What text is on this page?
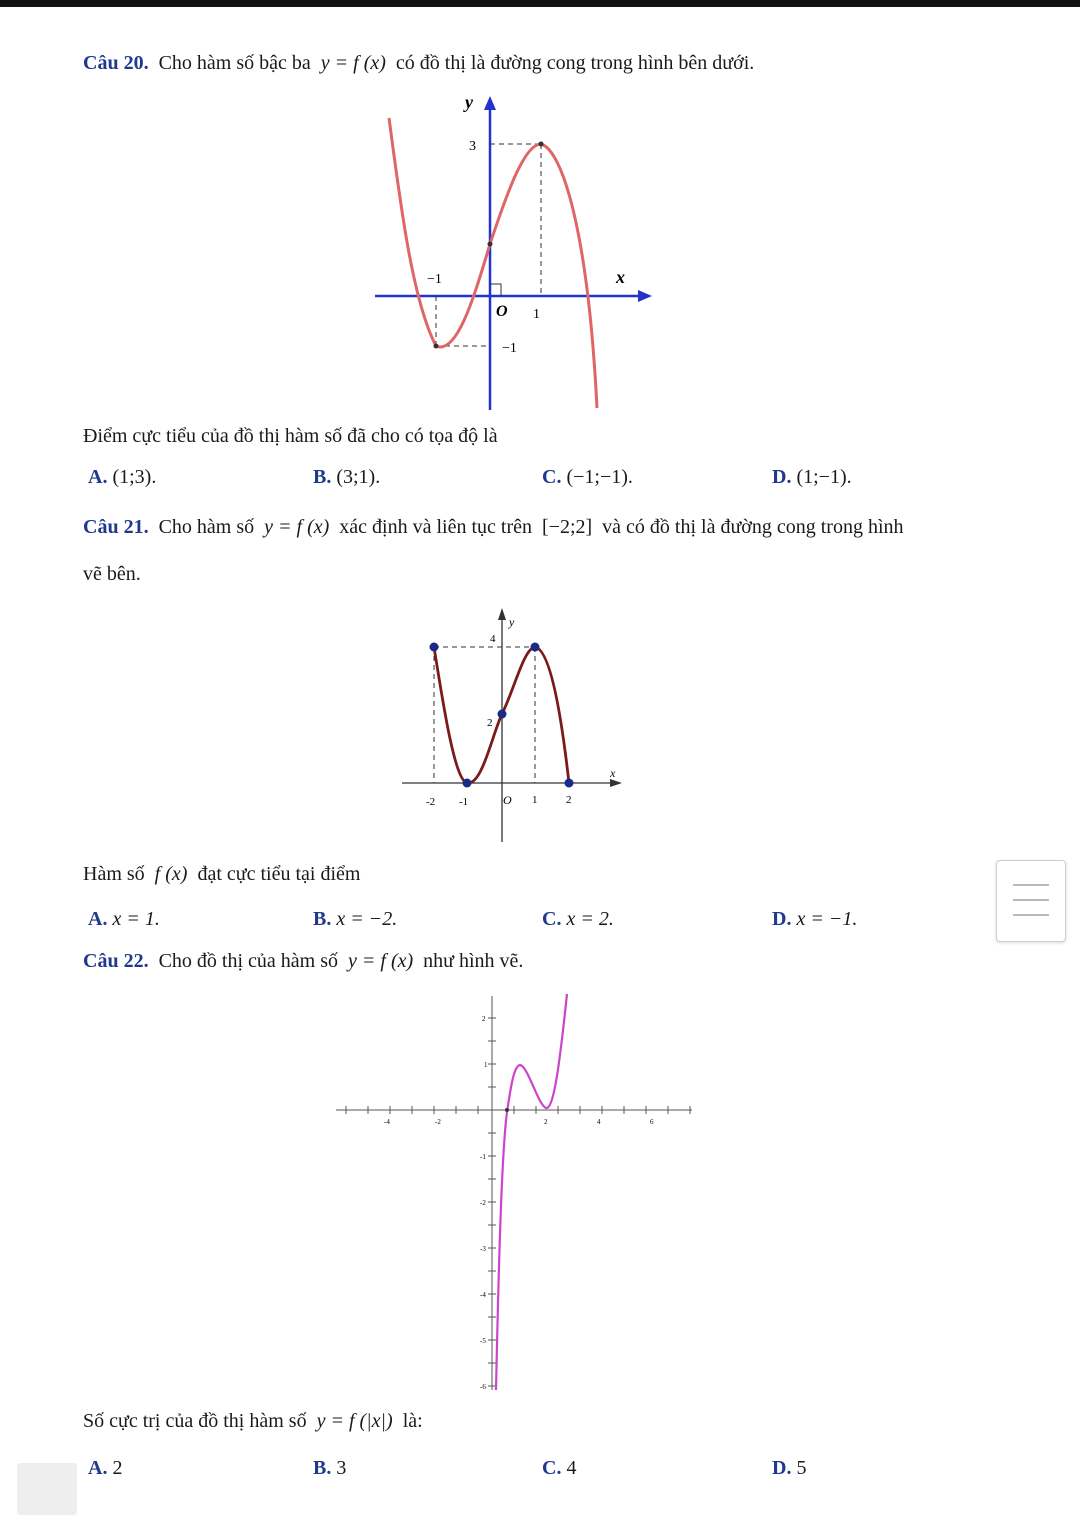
Câu 20. Cho hàm số bậc ba y = f (x) có đồ thị là đường cong trong hình bên dưới.
y
x
O
3
−1
1
−1
Điểm cực tiểu của đồ thị hàm số đã cho có tọa độ là
A. (1;3).	B. (3;1).	C. (−1;−1).	D. (1;−1).
Câu 21. Cho hàm số y = f (x) xác định và liên tục trên [−2;2] và có đồ thị là đường cong trong hình
vẽ bên.
y
x
O
4
2
-2 -1	1	2
Hàm số f (x) đạt cực tiểu tại điểm
A. x = 1.	B. x = −2.	C. x = 2.	D. x = −1.
Câu 22. Cho đồ thị của hàm số y = f (x) như hình vẽ.
2
1
-1
-2
-3
-4
-5
-6
-4	-2	2	4	6
Số cực trị của đồ thị hàm số y = f (|x|) là:
A. 2	B. 3	C. 4	D. 5
